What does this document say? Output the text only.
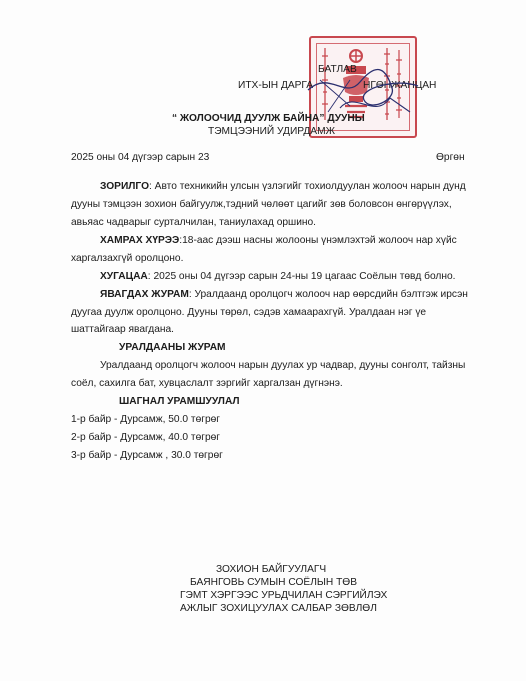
БАТЛАВ
ИТХ-ЫН ДАРГА	НГӨНЖАНЦАН
“ ЖОЛООЧИД ДУУЛЖ БАЙНА” ДУУНЫ
ТЭМЦЭЭНИЙ УДИРДАМЖ
2025 оны 04 дүгээр сарын 23	Өргөн
ЗОРИЛГО: Авто техникийн улсын үзлэгийг тохиолдуулан жолооч нарын дунд
дууны тэмцээн зохион байгуулж,тэдний чөлөөт цагийг зөв боловсон өнгөрүүлэх,
авьяас чадварыг сурталчилан, таниулахад оршино.
ХАМРАХ ХҮРЭЭ:18-аас дээш насны жолооны үнэмлэхтэй жолооч нар хүйс
харгалзахгүй оролцоно.
ХУГАЦАА: 2025 оны 04 дүгээр сарын 24-ны 19 цагаас Соёлын төвд болно.
ЯВАГДАХ ЖУРАМ: Уралдаанд оролцогч жолооч нар өөрсдийн бэлтгэж ирсэн
дуугаа дуулж оролцоно. Дууны төрөл, сэдэв хамаарахгүй. Уралдаан нэг үе
шаттайгаар явагдана.
УРАЛДААНЫ ЖУРАМ
Уралдаанд оролцогч жолооч нарын дуулах ур чадвар, дууны сонголт, тайзны
соёл, сахилга бат, хувцаслалт зэргийг харгалзан дүгнэнэ.
ШАГНАЛ УРАМШУУЛАЛ
1-р байр - Дурсамж, 50.0 төгрөг
2-р байр - Дурсамж, 40.0 төгрөг
3-р байр - Дурсамж , 30.0 төгрөг
ЗОХИОН БАЙГУУЛАГЧ
БАЯНГОВЬ СУМЫН СОЁЛЫН ТӨВ
ГЭМТ ХЭРГЭЭС УРЬДЧИЛАН СЭРГИЙЛЭХ
АЖЛЫГ ЗОХИЦУУЛАХ САЛБАР ЗӨВЛӨЛ
